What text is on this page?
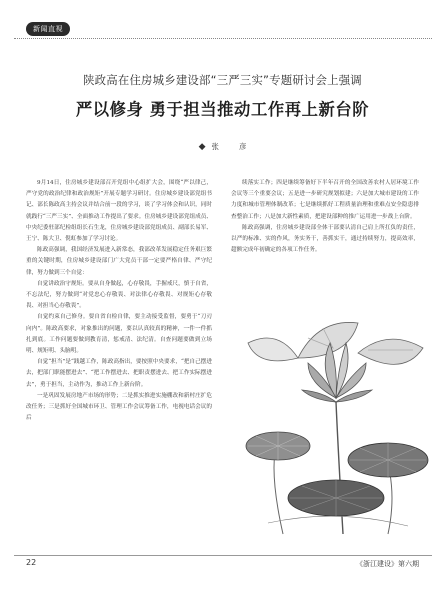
新闻直视
陕政高在住房城乡建设部“三严三实”专题研讨会上强调
严以修身 勇于担当推动工作再上新台阶
◆ 张	彦

9月14日，住房城乡建设部召开党组中心组扩大会，围绕“严以律己，严守党的政治纪律和政治规矩”开展专题学习研讨。住房城乡建设部党组书记、部长陈政高主持会议并结合前一段的学习，谈了学习体会和认识，同时就践行“三严三实”、全面推动工作提出了要求。住房城乡建设部党组成员、中央纪委驻部纪检组组长石生龙，住房城乡建设部党组成员、副部长易军、王宁、陈大卫、倪虹参加了学习讨论。

陈政高强调，我国经济发展进入新常态，我部改革发展稳定任务艰巨繁重的关键时期，住房城乡建设部门广大党员干部一定要严格自律、严守纪律，努力做到三个自觉：

自觉讲政治守规矩。要从自身做起，心存敬畏，手握戒尺，慎于自省，不忘法纪，努力做到“对党忠心存敬畏、对法律心存敬畏、对规矩心存敬畏、对担当心存敬畏”。

自觉约束自己修身。要自省自检自律，要主动接受监督，要勇于“刀刃向内”。陈政高要求，对象推出的问题，要以认真较真的精神，一件一件抓扎到底。工作问题要做到教育清，惩戒清、法纪清。自查问题要做到立场明、规矩明、头脑明。

自觉“担当”是“践越工作，陈政高指出，要按照中央要求，“把自己摆进去，把部门职能摆进去”、“把工作摆进去、把职责摆进去、把工作实际摆进去”，勇于担当，主动作为，推动工作上新台阶。

一是巩固发展房地产市场的形势；二是抓实推进实施棚改和新村庄扩危改任务；三是抓好全国城市环卫、管理工作会议筹备工作，电视电话会议的后

续落实工作；四是继续筹备好下半年召开的全国改善农村人居环境工作会议等三个重要会议；五是进一步研究规划拟建；六是加大城市建设的工作力度和城市管理体制改革；七是继续抓好工程质量治理和重难点安全隐患排查整治工作；八是加大新性素质，把建设部种的推广运用进一步战上台阶。

陈政高强调，住房城乡建设部全体干部要认清自己肩上所扛负的责任，以严的标准、实的作风，务实务干，善抓实干，通过持续努力，提高效率，超额完成年初确定的各项工作任务。

22	《浙江建设》第六期
